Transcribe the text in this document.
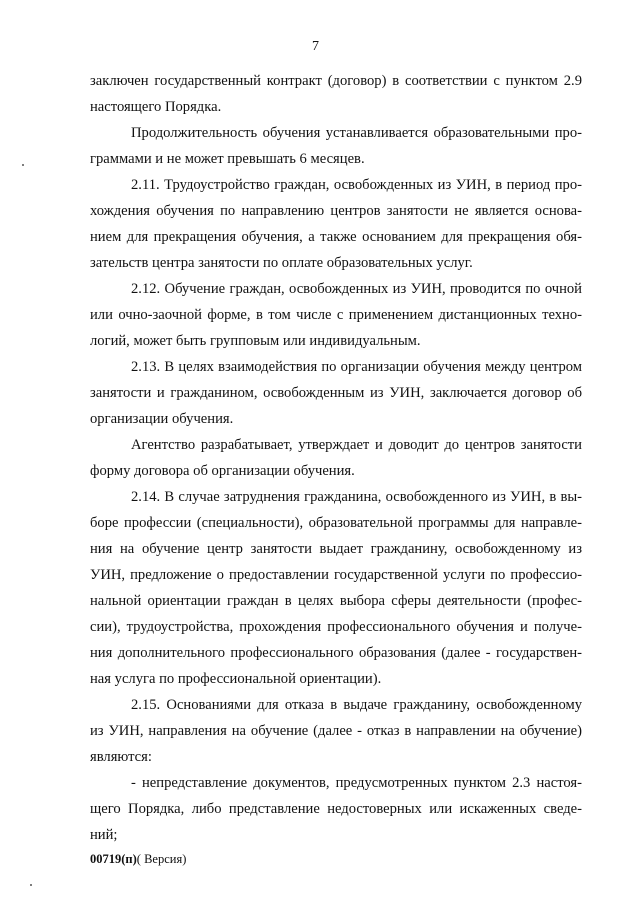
7
заключен государственный контракт (договор) в соответствии с пунктом 2.9
настоящего Порядка.
Продолжительность обучения устанавливается образовательными про-
граммами и не может превышать 6 месяцев.
2.11. Трудоустройство граждан, освобожденных из УИН, в период про-
хождения обучения по направлению центров занятости не является основа-
нием для прекращения обучения, а также основанием для прекращения обя-
зательств центра занятости по оплате образовательных услуг.
2.12. Обучение граждан, освобожденных из УИН, проводится по очной
или очно-заочной форме, в том числе с применением дистанционных техно-
логий, может быть групповым или индивидуальным.
2.13. В целях взаимодействия по организации обучения между центром
занятости и гражданином, освобожденным из УИН, заключается договор об
организации обучения.
Агентство разрабатывает, утверждает и доводит до центров занятости
форму договора об организации обучения.
2.14. В случае затруднения гражданина, освобожденного из УИН, в вы-
боре профессии (специальности), образовательной программы для направле-
ния на обучение центр занятости выдает гражданину, освобожденному из
УИН, предложение о предоставлении государственной услуги по профессио-
нальной ориентации граждан в целях выбора сферы деятельности (профес-
сии), трудоустройства, прохождения профессионального обучения и получе-
ния дополнительного профессионального образования (далее - государствен-
ная услуга по профессиональной ориентации).
2.15. Основаниями для отказа в выдаче гражданину, освобожденному
из УИН, направления на обучение (далее - отказ в направлении на обучение)
являются:
- непредставление документов, предусмотренных пунктом 2.3 настоя-
щего Порядка, либо представление недостоверных или искаженных сведе-
ний;
00719(п)( Версия)
